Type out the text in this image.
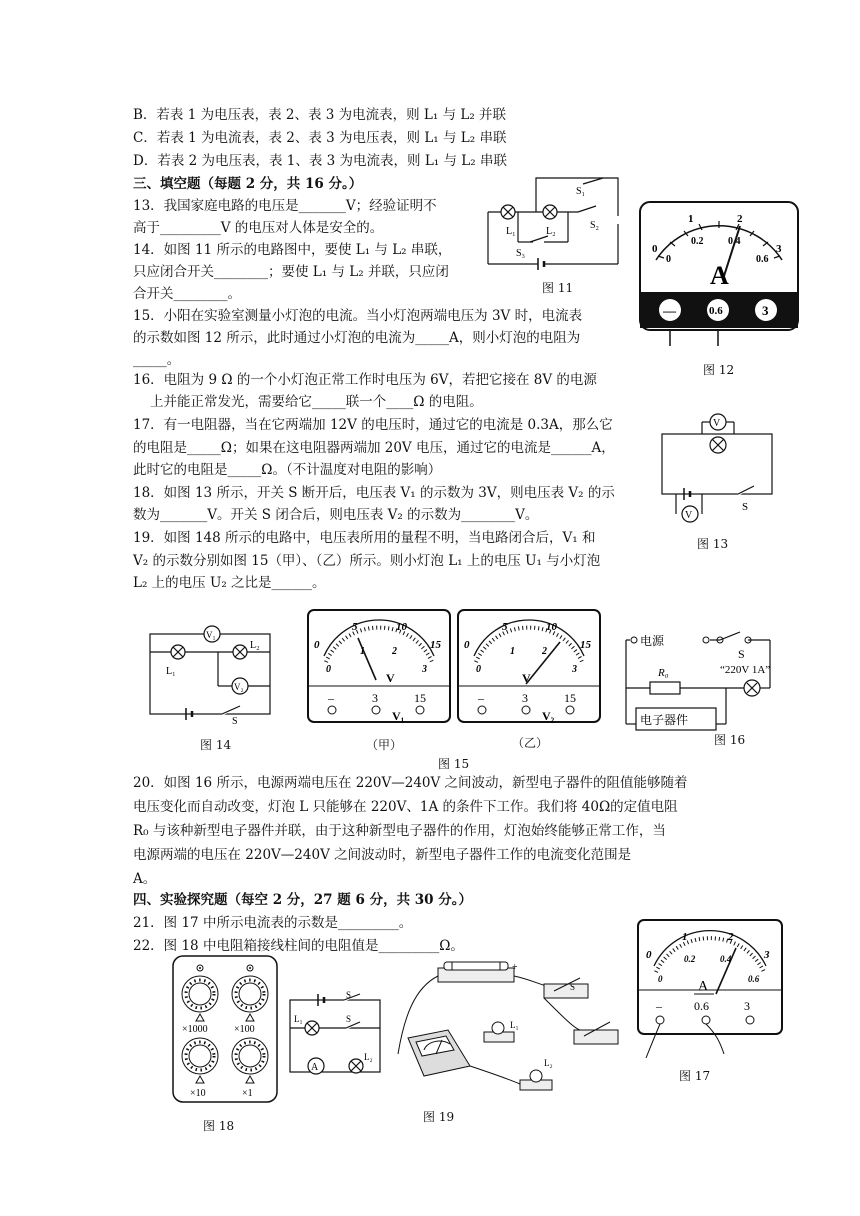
B．若表 1 为电压表，表 2、表 3 为电流表，则 L₁ 与 L₂ 并联
C．若表 1 为电流表，表 2、表 3 为电压表，则 L₁ 与 L₂ 串联
D．若表 2 为电压表，表 1、表 3 为电流表，则 L₁ 与 L₂ 串联
三、填空题（每题 2 分，共 16 分。）
13．我国家庭电路的电压是_______V；经验证明不
高于_________V 的电压对人体是安全的。
14．如图 11 所示的电路图中，要使 L₁ 与 L₂ 串联，
只应闭合开关________；要使 L₁ 与 L₂ 并联，只应闭
合开关________。
15．小阳在实验室测量小灯泡的电流。当小灯泡两端电压为 3V 时，电流表
的示数如图 12 所示，此时通过小灯泡的电流为_____A，则小灯泡的电阻为
_____。
16．电阻为 9 Ω 的一个小灯泡正常工作时电压为 6V，若把它接在 8V 的电源
上并能正常发光，需要给它_____联一个____Ω 的电阻。
17．有一电阻器，当在它两端加 12V 的电压时，通过它的电流是 0.3A，那么它
的电阻是_____Ω；如果在这电阻器两端加 20V 电压，通过它的电流是______A，
此时它的电阻是_____Ω。（不计温度对电阻的影响）
18．如图 13 所示，开关 S 断开后，电压表 V₁ 的示数为 3V，则电压表 V₂ 的示
数为_______V。开关 S 闭合后，则电压表 V₂ 的示数为________V。
19．如图 148 所示的电路中，电压表所用的量程不明，当电路闭合后，V₁ 和
V₂ 的示数分别如图 15（甲）、（乙）所示。则小灯泡 L₁ 上的电压 U₁ 与小灯泡
L₂ 上的电压 U₂ 之比是______。
20．如图 16 所示，电源两端电压在 220V—240V 之间波动，新型电子器件的阻值能够随着
电压变化而自动改变，灯泡 L 只能够在 220V、1A 的条件下工作。我们将 40Ω的定值电阻
R₀ 与该种新型电子器件并联，由于这种新型电子器件的作用，灯泡始终能够正常工作，当
电源两端的电压在 220V—240V 之间波动时，新型电子器件工作的电流变化范围是
A。
四、实验探究题（每空 2 分，27 题 6 分，共 30 分。）
21．图 17 中所示电流表的示数是_________。
22．图 18 中电阻箱接线柱间的电阻值是_________Ω。
S₁
S₂
L₁	L₂
S₃
图 11
0
1	2
3
0
0.2 0.4
0.6
A
—	0.6	3
图 12
V
V
S
图 13
V₁
V₂
L₂
L₁
S
图 14
0
5	10
15
0
1	2
3
V
–	3	15
V₁
0
5	10
15
0
1	2
3
V
–	3	15
V₂
（甲）	（乙）
图 15
电源
S
“220V 1A”
R₀
电子器件
图 16
0
1	2
3
0
0.2	0.4
0.6
A
–	0.6	3
图 17
×1000	×100
×10	×1
图 18
S
S
L₁
L₂
A
+
L₁
L₂
S
图 19
